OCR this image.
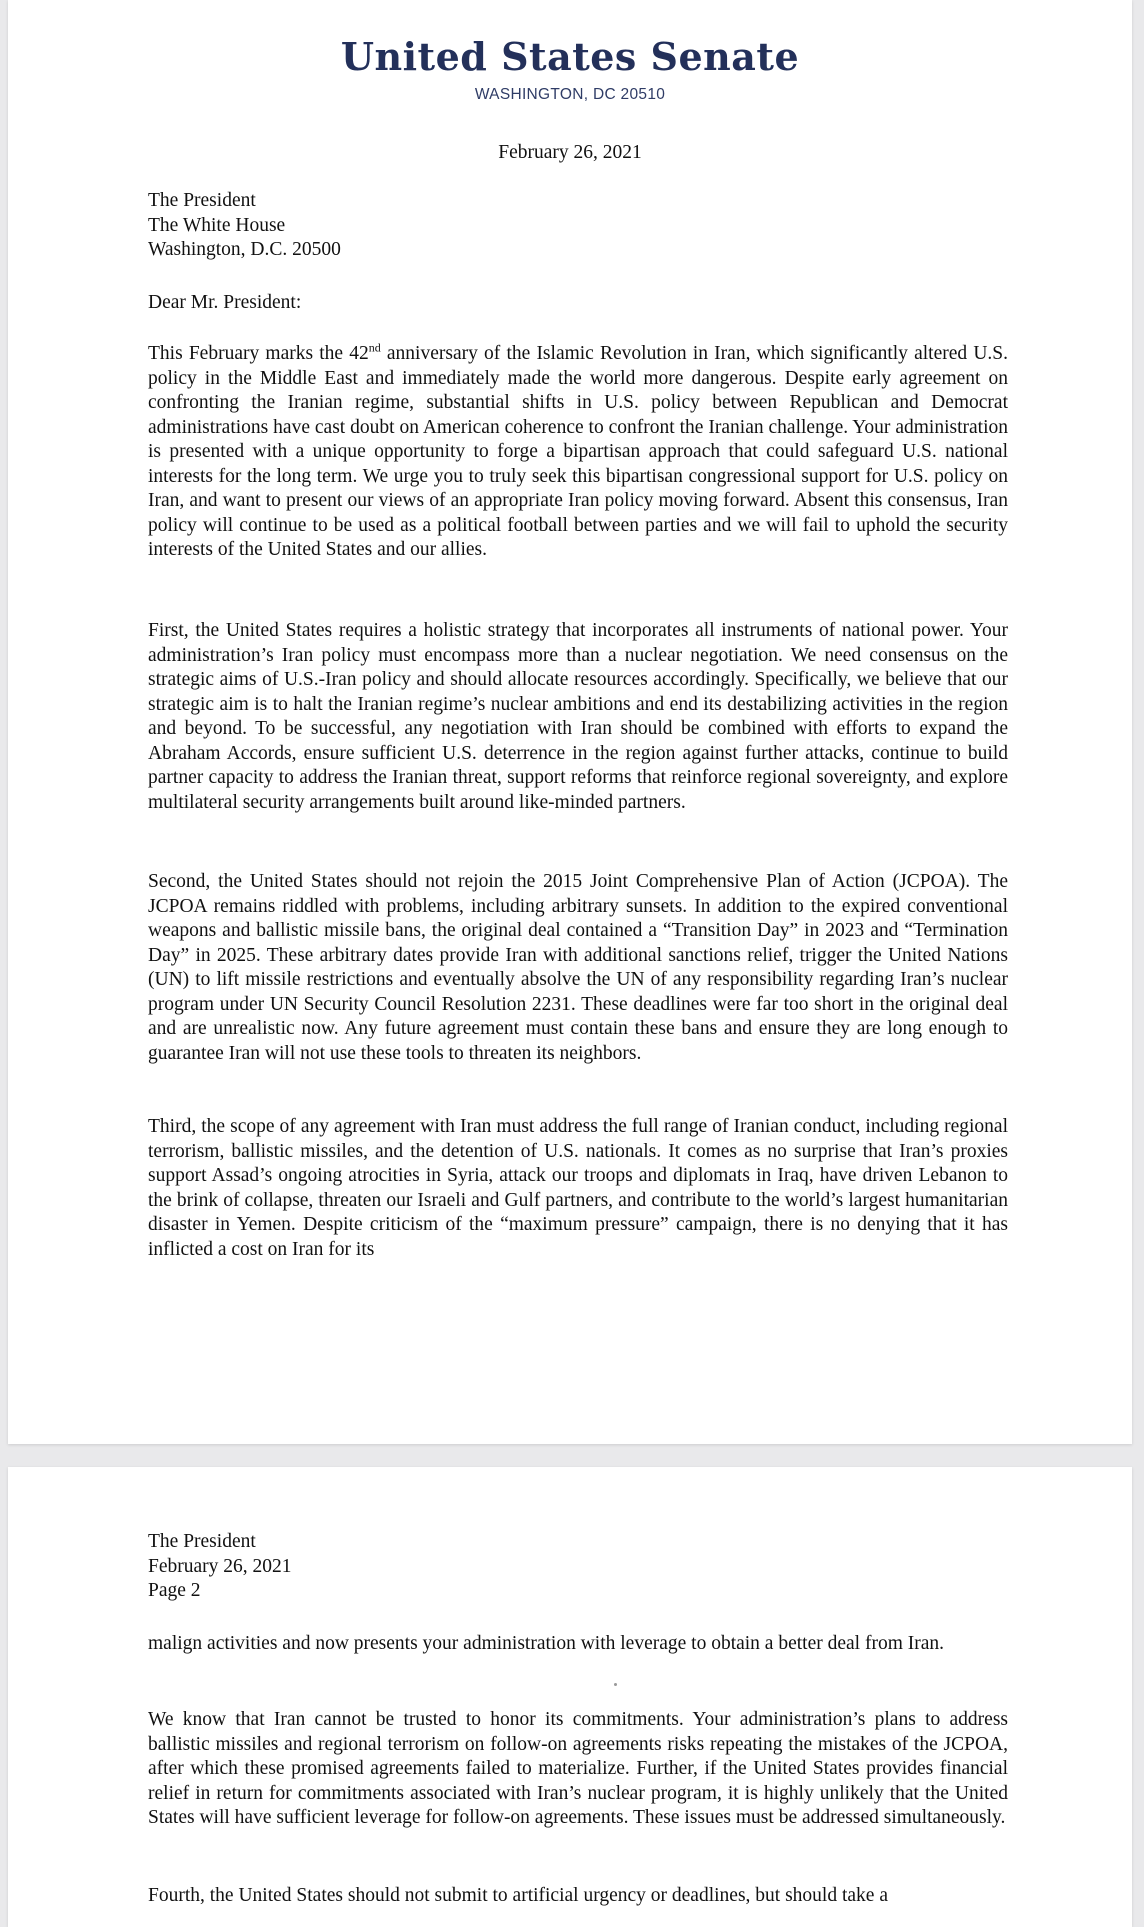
United States Senate
WASHINGTON, DC 20510
February 26, 2021
The President
The White House
Washington, D.C. 20500
Dear Mr. President:
This February marks the 42nd anniversary of the Islamic Revolution in Iran, which significantly altered U.S. policy in the Middle East and immediately made the world more dangerous. Despite early agreement on confronting the Iranian regime, substantial shifts in U.S. policy between Republican and Democrat administrations have cast doubt on American coherence to confront the Iranian challenge. Your administration is presented with a unique opportunity to forge a bipartisan approach that could safeguard U.S. national interests for the long term. We urge you to truly seek this bipartisan congressional support for U.S. policy on Iran, and want to present our views of an appropriate Iran policy moving forward. Absent this consensus, Iran policy will continue to be used as a political football between parties and we will fail to uphold the security interests of the United States and our allies.
First, the United States requires a holistic strategy that incorporates all instruments of national power. Your administration’s Iran policy must encompass more than a nuclear negotiation. We need consensus on the strategic aims of U.S.-Iran policy and should allocate resources accordingly. Specifically, we believe that our strategic aim is to halt the Iranian regime’s nuclear ambitions and end its destabilizing activities in the region and beyond. To be successful, any negotiation with Iran should be combined with efforts to expand the Abraham Accords, ensure sufficient U.S. deterrence in the region against further attacks, continue to build partner capacity to address the Iranian threat, support reforms that reinforce regional sovereignty, and explore multilateral security arrangements built around like-minded partners.
Second, the United States should not rejoin the 2015 Joint Comprehensive Plan of Action (JCPOA). The JCPOA remains riddled with problems, including arbitrary sunsets. In addition to the expired conventional weapons and ballistic missile bans, the original deal contained a “Transition Day” in 2023 and “Termination Day” in 2025. These arbitrary dates provide Iran with additional sanctions relief, trigger the United Nations (UN) to lift missile restrictions and eventually absolve the UN of any responsibility regarding Iran’s nuclear program under UN Security Council Resolution 2231. These deadlines were far too short in the original deal and are unrealistic now. Any future agreement must contain these bans and ensure they are long enough to guarantee Iran will not use these tools to threaten its neighbors.
Third, the scope of any agreement with Iran must address the full range of Iranian conduct, including regional terrorism, ballistic missiles, and the detention of U.S. nationals. It comes as no surprise that Iran’s proxies support Assad’s ongoing atrocities in Syria, attack our troops and diplomats in Iraq, have driven Lebanon to the brink of collapse, threaten our Israeli and Gulf partners, and contribute to the world’s largest humanitarian disaster in Yemen. Despite criticism of the “maximum pressure” campaign, there is no denying that it has inflicted a cost on Iran for its
The President
February 26, 2021
Page 2
malign activities and now presents your administration with leverage to obtain a better deal from Iran.
We know that Iran cannot be trusted to honor its commitments. Your administration’s plans to address ballistic missiles and regional terrorism on follow-on agreements risks repeating the mistakes of the JCPOA, after which these promised agreements failed to materialize. Further, if the United States provides financial relief in return for commitments associated with Iran’s nuclear program, it is highly unlikely that the United States will have sufficient leverage for follow-on agreements. These issues must be addressed simultaneously.
Fourth, the United States should not submit to artificial urgency or deadlines, but should take a
